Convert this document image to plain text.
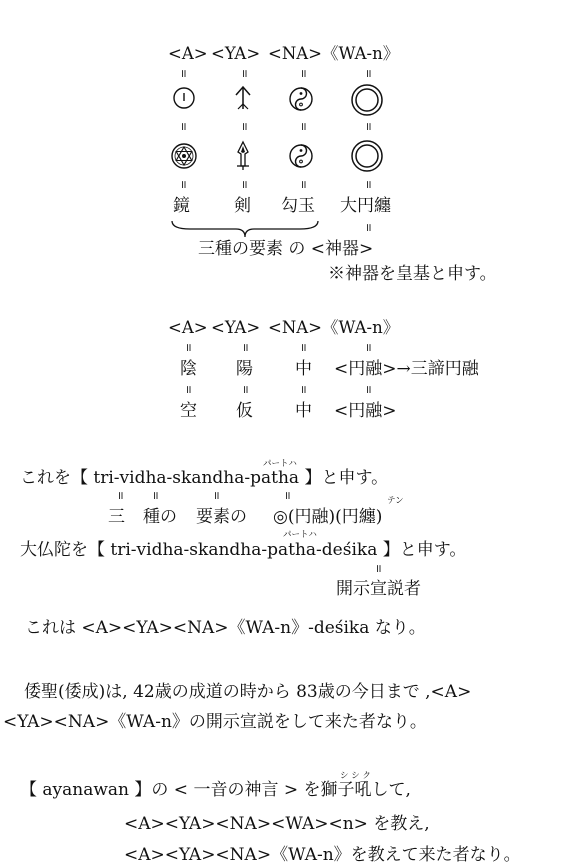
<A> <YA> <NA> 《WA-n》
॥	॥	॥	॥
॥	॥	॥	॥
॥	॥	॥	॥
鏡	剣 勾玉 大円纏
॥
三種の要素 の <神器>
※神器を皇基と申す。
<A> <YA> <NA> 《WA-n》
॥	॥	॥	॥
陰 陽 中 <円融>→三諦円融
॥	॥	॥	॥
空 仮 中 <円融>
パートハ
これを【 tri-vidha-skandha-patha 】と申す。
॥	॥	॥	॥	テン
三 種の 要素の ◎(円融)(円纏)
パートハ
大仏陀を【 tri-vidha-skandha-patha-deśika 】と申す。
॥
開示宣説者
これは <A><YA><NA>《WA-n》-deśika なり。
倭聖(倭成)は, 42歳の成道の時から 83歳の今日まで ,<A>
<YA><NA>《WA-n》の開示宣説をして来た者なり。
シ シ ク
【 ayanawan 】の < 一音の神言 > を獅子吼して,
<A><YA><NA><WA><n> を教え,
<A><YA><NA>《WA-n》を教えて来た者なり。
